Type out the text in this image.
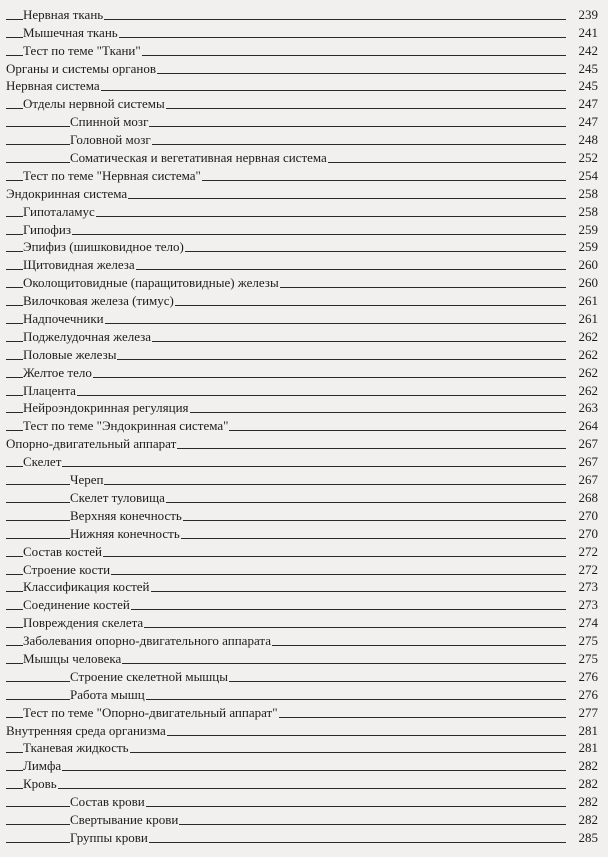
Нервная ткань	239
Мышечная ткань	241
Тест по теме "Ткани"	242
Органы и системы органов	245
Нервная система	245
Отделы нервной системы	247
Спинной мозг	247
Головной мозг	248
Соматическая и вегетативная нервная система	252
Тест по теме "Нервная система"	254
Эндокринная система	258
Гипоталамус	258
Гипофиз	259
Эпифиз (шишковидное тело)	259
Щитовидная железа	260
Околощитовидные (паращитовидные) железы	260
Вилочковая железа (тимус)	261
Надпочечники	261
Поджелудочная железа	262
Половые железы	262
Желтое тело	262
Плацента	262
Нейроэндокринная регуляция	263
Тест по теме "Эндокринная система"	264
Опорно-двигательный аппарат	267
Скелет	267
Череп	267
Скелет туловища	268
Верхняя конечность	270
Нижняя конечность	270
Состав костей	272
Строение кости	272
Классификация костей	273
Соединение костей	273
Повреждения скелета	274
Заболевания опорно-двигательного аппарата	275
Мышцы человека	275
Строение скелетной мышцы	276
Работа мышц	276
Тест по теме "Опорно-двигательный аппарат"	277
Внутренняя среда организма	281
Тканевая жидкость	281
Лимфа	282
Кровь	282
Состав крови	282
Свертывание крови	282
Группы крови	285
